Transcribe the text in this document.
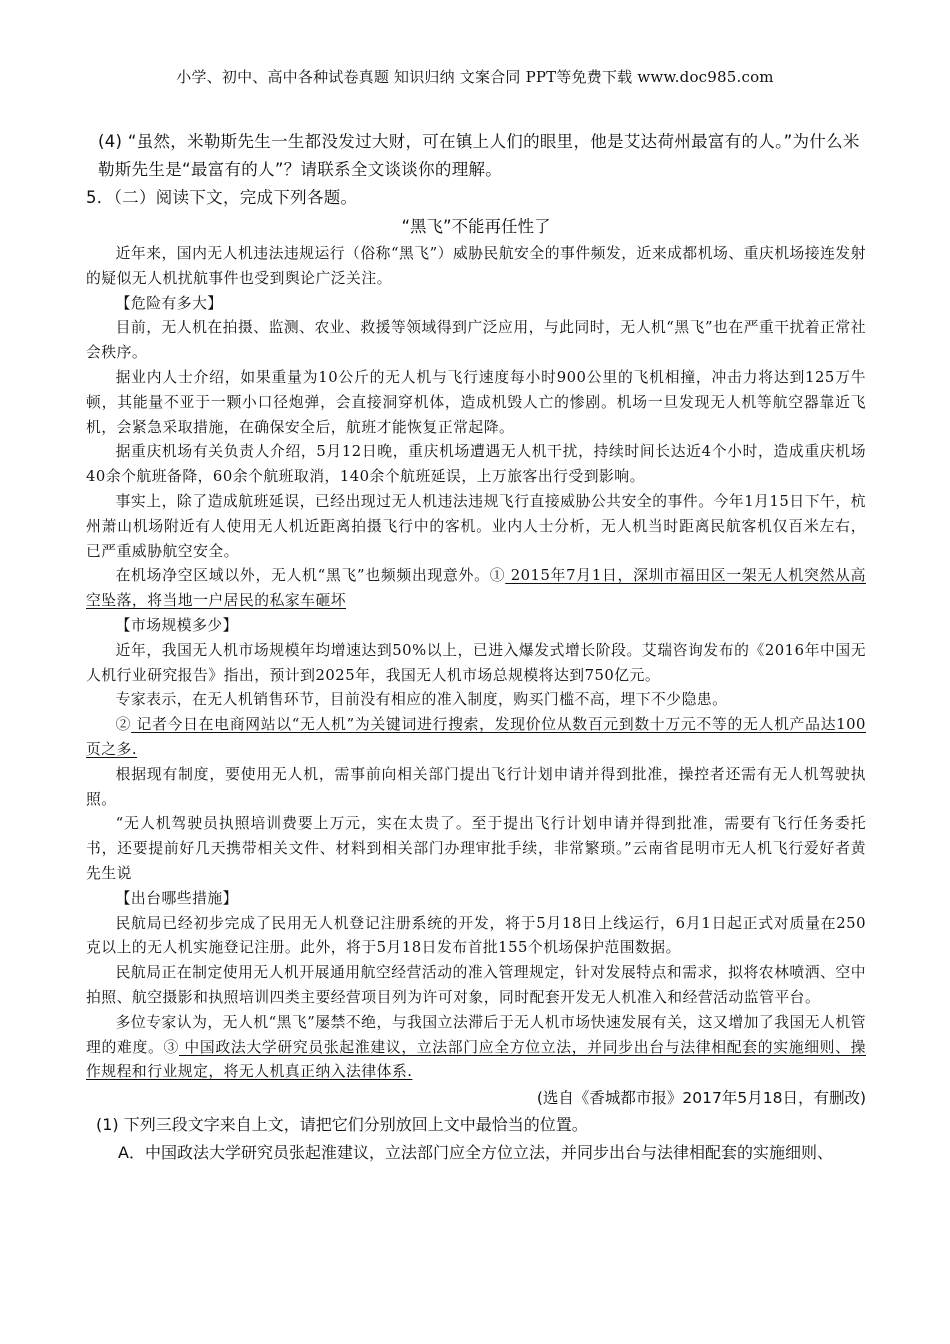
小学、初中、高中各种试卷真题 知识归纳 文案合同 PPT等免费下载 www.doc985.com

(4) “虽然，米勒斯先生一生都没发过大财，可在镇上人们的眼里，他是艾达荷州最富有的人。”为什么米勒斯先生是“最富有的人”？请联系全文谈谈你的理解。

5．（二）阅读下文，完成下列各题。

“黑飞”不能再任性了

近年来，国内无人机违法违规运行（俗称“黑飞”）威胁民航安全的事件频发，近来成都机场、重庆机场接连发射的疑似无人机扰航事件也受到舆论广泛关注。

【危险有多大】

目前，无人机在拍摄、监测、农业、救援等领域得到广泛应用，与此同时，无人机“黑飞”也在严重干扰着正常社会秩序。

据业内人士介绍，如果重量为10公斤的无人机与飞行速度每小时900公里的飞机相撞，冲击力将达到125万牛顿，其能量不亚于一颗小口径炮弹，会直接洞穿机体，造成机毁人亡的惨剧。机场一旦发现无人机等航空器靠近飞机，会紧急采取措施，在确保安全后，航班才能恢复正常起降。

据重庆机场有关负责人介绍，5月12日晚，重庆机场遭遇无人机干扰，持续时间长达近4个小时，造成重庆机场40余个航班备降，60余个航班取消，140余个航班延误，上万旅客出行受到影响。

事实上，除了造成航班延误，已经出现过无人机违法违规飞行直接威胁公共安全的事件。今年1月15日下午，杭州萧山机场附近有人使用无人机近距离拍摄飞行中的客机。业内人士分析，无人机当时距离民航客机仅百米左右，已严重威胁航空安全。

在机场净空区域以外，无人机“黑飞”也频频出现意外。① 2015年7月1日，深圳市福田区一架无人机突然从高空坠落，将当地一户居民的私家车砸坏

【市场规模多少】

近年，我国无人机市场规模年均增速达到50%以上，已进入爆发式增长阶段。艾瑞咨询发布的《2016年中国无人机行业研究报告》指出，预计到2025年，我国无人机市场总规模将达到750亿元。

专家表示，在无人机销售环节，目前没有相应的准入制度，购买门槛不高，埋下不少隐患。

② 记者今日在电商网站以“无人机”为关键词进行搜索，发现价位从数百元到数十万元不等的无人机产品达100页之多.

根据现有制度，要使用无人机，需事前向相关部门提出飞行计划申请并得到批准，操控者还需有无人机驾驶执照。

“无人机驾驶员执照培训费要上万元，实在太贵了。至于提出飞行计划申请并得到批准，需要有飞行任务委托书，还要提前好几天携带相关文件、材料到相关部门办理审批手续，非常繁琐。”云南省昆明市无人机飞行爱好者黄先生说

【出台哪些措施】

民航局已经初步完成了民用无人机登记注册系统的开发，将于5月18日上线运行，6月1日起正式对质量在250克以上的无人机实施登记注册。此外，将于5月18日发布首批155个机场保护范围数据。

民航局正在制定使用无人机开展通用航空经营活动的准入管理规定，针对发展特点和需求，拟将农林喷洒、空中拍照、航空摄影和执照培训四类主要经营项目列为许可对象，同时配套开发无人机准入和经营活动监管平台。

多位专家认为，无人机“黑飞”屡禁不绝，与我国立法滞后于无人机市场快速发展有关，这又增加了我国无人机管理的难度。③ 中国政法大学研究员张起淮建议，立法部门应全方位立法，并同步出台与法律相配套的实施细则、操作规程和行业规定，将无人机真正纳入法律体系.

(选自《香城都市报》2017年5月18日，有删改)

(1) 下列三段文字来自上文，请把它们分别放回上文中最恰当的位置。

A．中国政法大学研究员张起淮建议，立法部门应全方位立法，并同步出台与法律相配套的实施细则、
